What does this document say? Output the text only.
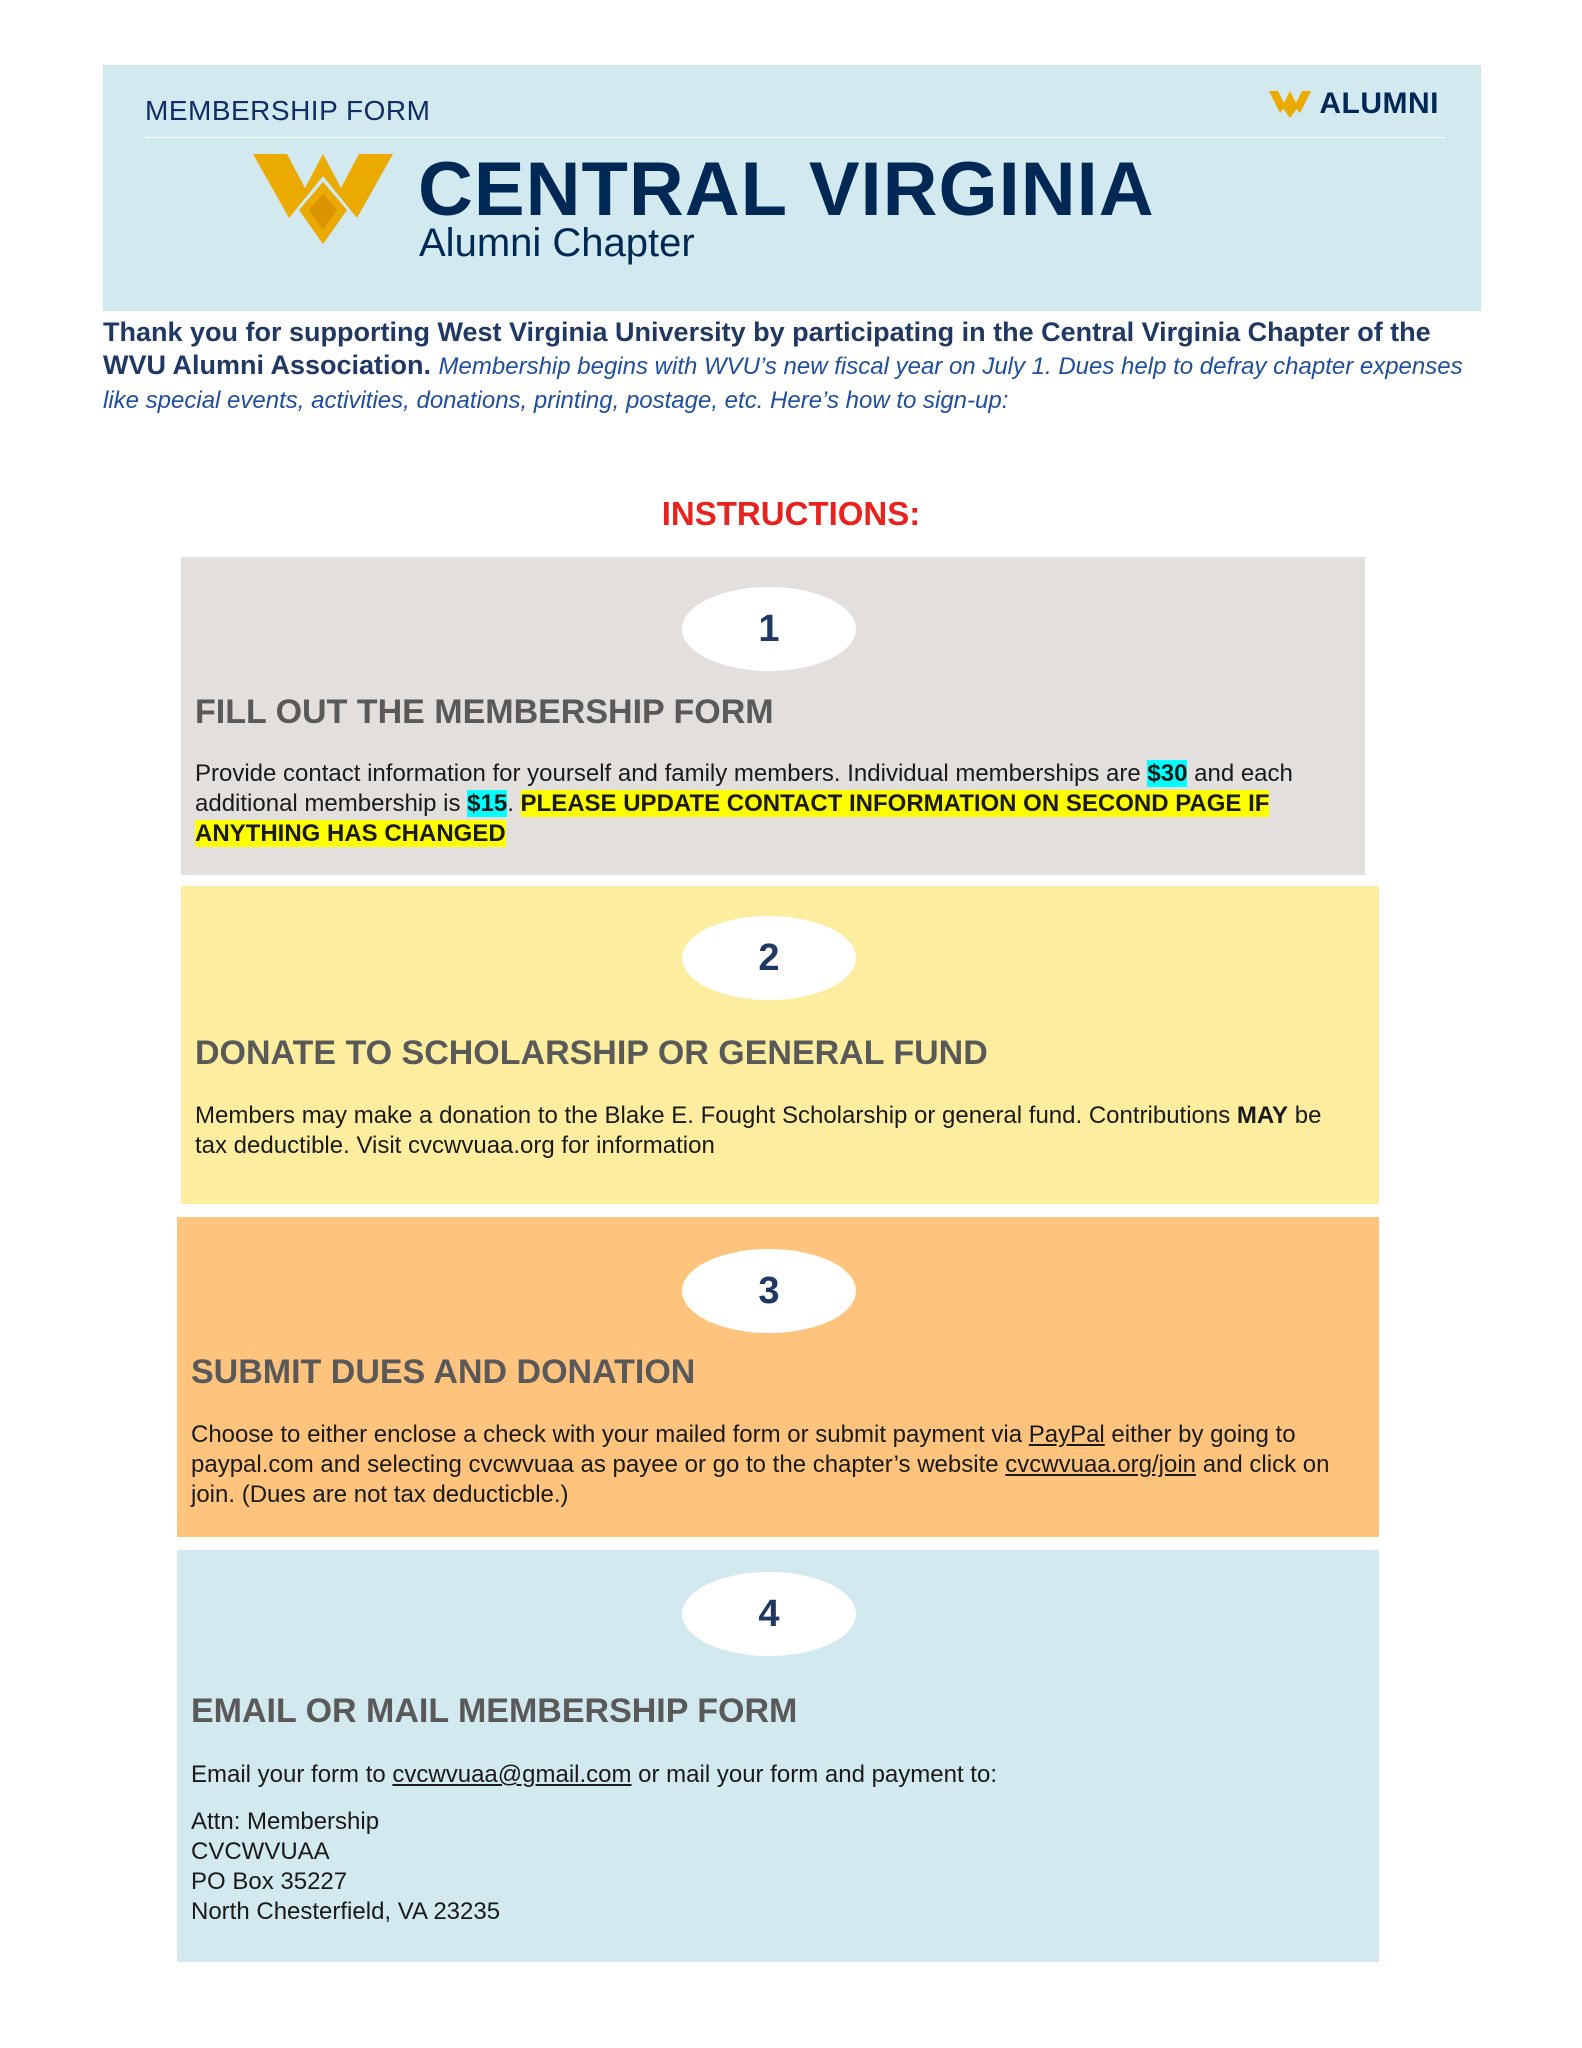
MEMBERSHIP FORM	ALUMNI
CENTRAL VIRGINIA
Alumni Chapter
Thank you for supporting West Virginia University by participating in the Central Virginia Chapter of the WVU Alumni Association. Membership begins with WVU’s new fiscal year on July 1. Dues help to defray chapter expenses like special events, activities, donations, printing, postage, etc. Here’s how to sign-up:
INSTRUCTIONS:
1
FILL OUT THE MEMBERSHIP FORM
Provide contact information for yourself and family members. Individual memberships are $30 and each additional membership is $15. PLEASE UPDATE CONTACT INFORMATION ON SECOND PAGE IF ANYTHING HAS CHANGED
2
DONATE TO SCHOLARSHIP OR GENERAL FUND
Members may make a donation to the Blake E. Fought Scholarship or general fund. Contributions MAY be tax deductible. Visit cvcwvuaa.org for information
3
SUBMIT DUES AND DONATION
Choose to either enclose a check with your mailed form or submit payment via PayPal either by going to paypal.com and selecting cvcwvuaa as payee or go to the chapter’s website cvcwvuaa.org/join and click on join. (Dues are not tax deducticble.)
4
EMAIL OR MAIL MEMBERSHIP FORM
Email your form to cvcwvuaa@gmail.com or mail your form and payment to:
Attn: Membership
CVCWVUAA
PO Box 35227
North Chesterfield, VA 23235
